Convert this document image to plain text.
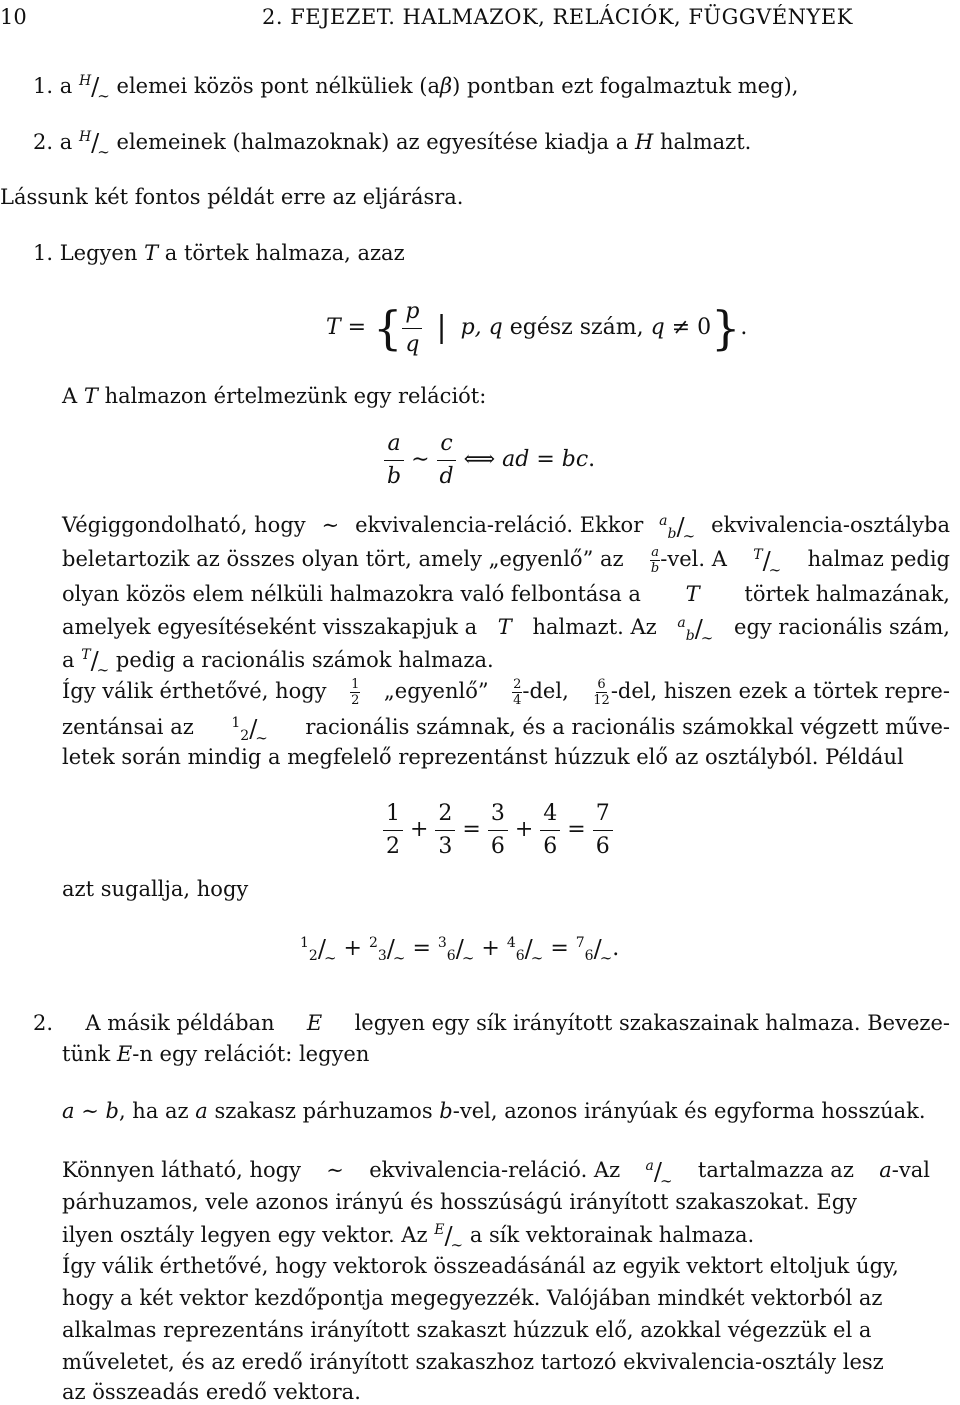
10	2. FEJEZET. HALMAZOK, RELÁCIÓK, FÜGGVÉNYEK
1. a $^H$/∼ elemei közös pont nélküliek (aβ) pontban ezt fogalmaztuk meg),
2. a $^H$/∼ elemeinek (halmazoknak) az egyesítése kiadja a H halmazt.
Lássunk két fontos példát erre az eljárásra.
1. Legyen T a törtek halmaza, azaz
T = { $\frac{p}{q}$ | p, q egész szám, q ≠ 0}.
A T halmazon értelmezünk egy relációt:
$\frac{a}{b}$ ∼ $\frac{c}{d}$ ⟺ ad = bc.
Végiggondolható, hogy ∼ ekvivalencia-reláció. Ekkor $^a_b$/∼ ekvivalencia-osztályba
beletartozik az összes olyan tört, amely „egyenlő” az $\frac{a}{b} -vel$. A $^T$/∼ halmaz pedig
olyan közös elem nélküli halmazokra való felbontása a T törtek halmazának,
amelyek egyesítéseként visszakapjuk a T halmazt. Az $^a_b$/∼ egy racionális szám,
a $^T$/∼ pedig a racionális számok halmaza.
Így válik érthetővé, hogy 1
2 „egyenlő” $\frac{2}{4} -del$, $\frac{6}{12} -del$, hiszen ezek a törtek repre-
zentánsai az	$^1_2$/∼ racionális számnak, és a racionális számokkal végzett műve-
letek során mindig a megfelelő reprezentánst húzzuk elő az osztályból. Például
$\frac{1}{2} + \frac{2}{3} = \frac{3}{6} + \frac{4}{6} = \frac{7}{6}$
azt sugallja, hogy
$^1_2$/∼ + $^2_3$/∼ = $^3_6$/∼ + $^4_6$/∼ = $^7_6$/∼.
2. A másik példában E legyen egy sík irányított szakaszainak halmaza. Beveze-
tünk E-n egy relációt: legyen
a ∼ b, ha az a szakasz párhuzamos b-vel, azonos irányúak és egyforma hosszúak.
Könnyen látható, hogy ∼ ekvivalencia-reláció. Az $^a$/∼ tartalmazza az a-val
párhuzamos, vele azonos irányú és hosszúságú irányított szakaszokat. Egy
ilyen osztály legyen egy vektor. Az $^E$/∼ a sík vektorainak halmaza.
Így válik érthetővé, hogy vektorok összeadásánál az egyik vektort eltoljuk úgy,
hogy a két vektor kezdőpontja megegyezzék. Valójában mindkét vektorból az
alkalmas reprezentáns irányított szakaszt húzzuk elő, azokkal végezzük el a
műveletet, és az eredő irányított szakaszhoz tartozó ekvivalencia-osztály lesz
az összeadás eredő vektora.
